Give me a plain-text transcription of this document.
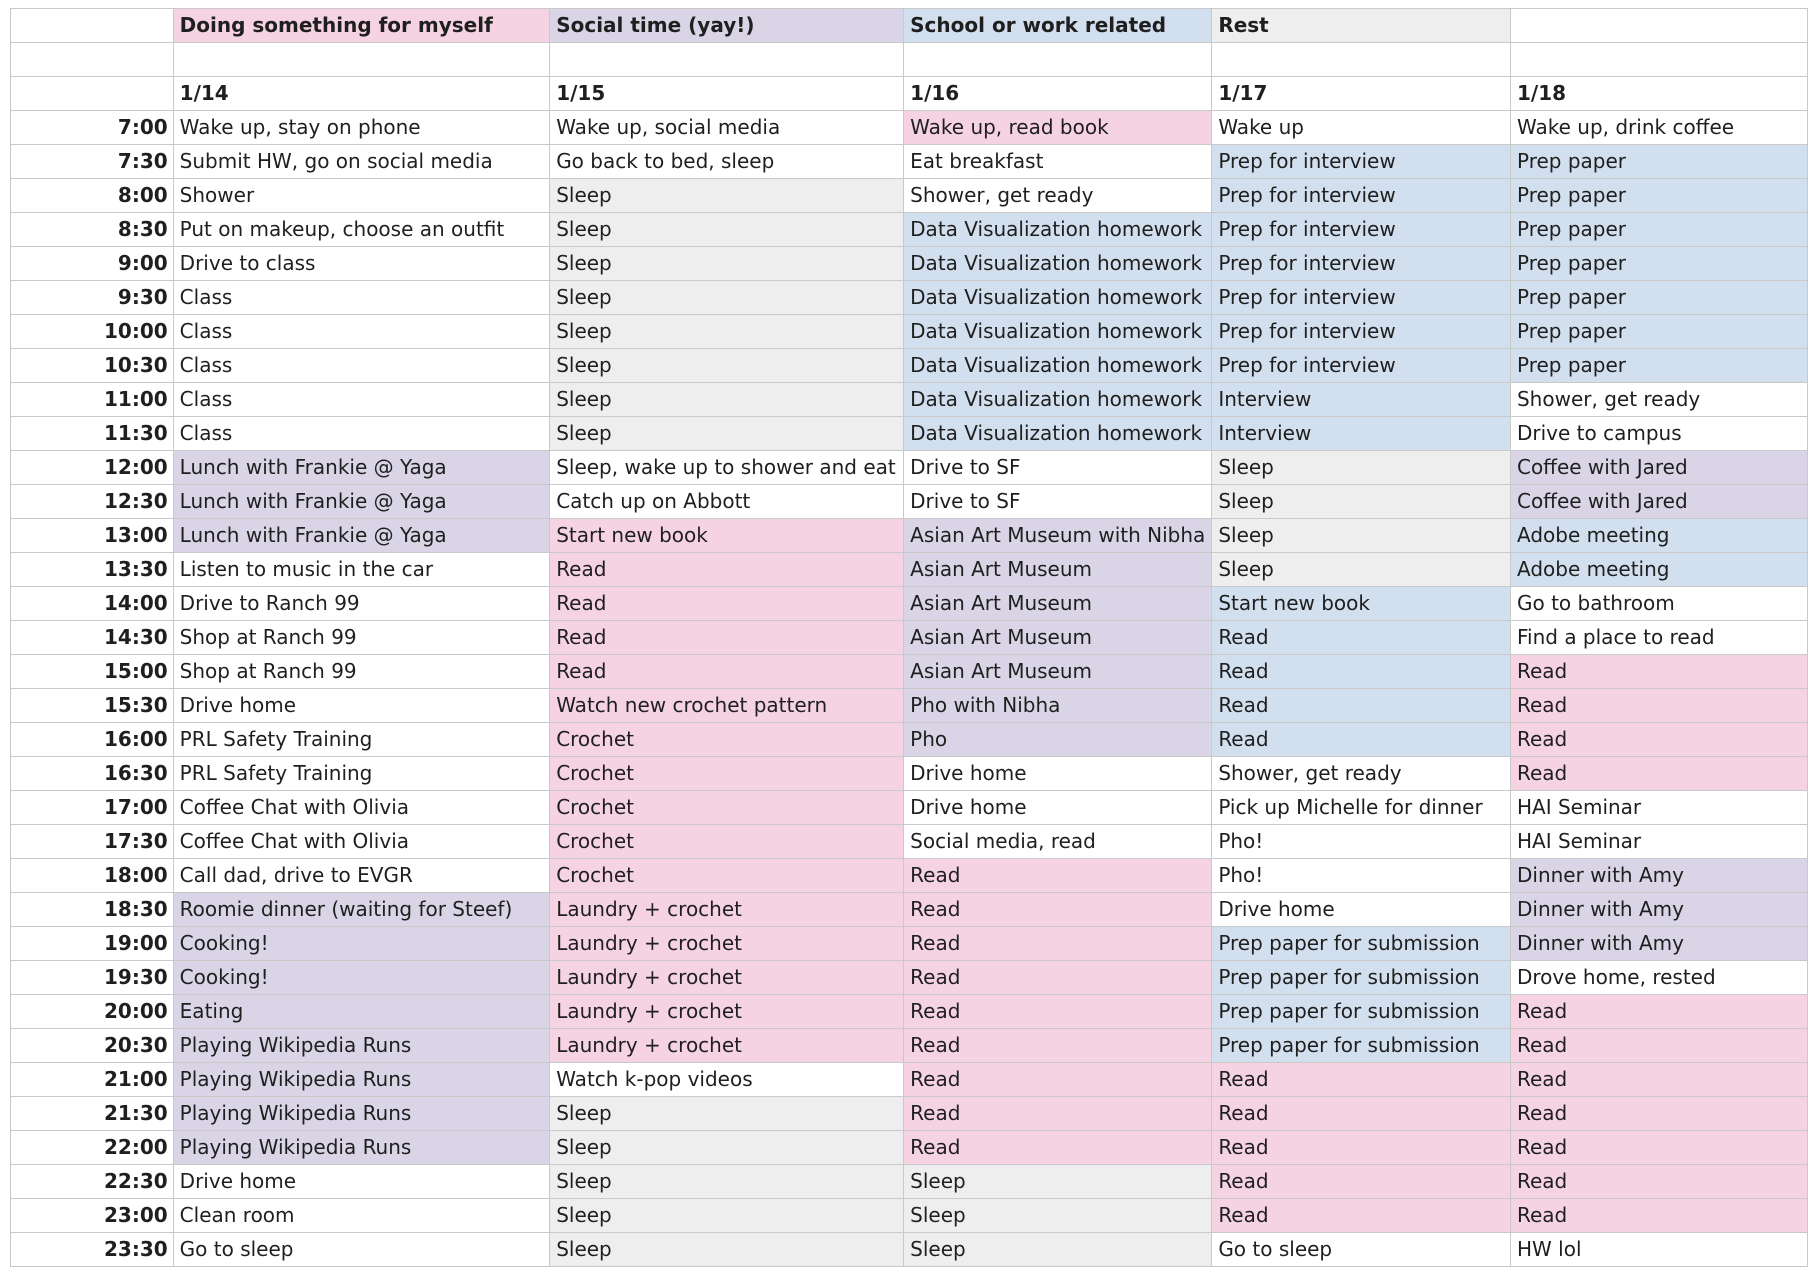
	Doing something for myself	Social time (yay!)	School or work related	Rest	

	1/14	1/15	1/16	1/17	1/18
7:00	Wake up, stay on phone	Wake up, social media	Wake up, read book	Wake up	Wake up, drink coffee
7:30	Submit HW, go on social media	Go back to bed, sleep	Eat breakfast	Prep for interview	Prep paper
8:00	Shower	Sleep	Shower, get ready	Prep for interview	Prep paper
8:30	Put on makeup, choose an outfit	Sleep	Data Visualization homework	Prep for interview	Prep paper
9:00	Drive to class	Sleep	Data Visualization homework	Prep for interview	Prep paper
9:30	Class	Sleep	Data Visualization homework	Prep for interview	Prep paper
10:00	Class	Sleep	Data Visualization homework	Prep for interview	Prep paper
10:30	Class	Sleep	Data Visualization homework	Prep for interview	Prep paper
11:00	Class	Sleep	Data Visualization homework	Interview	Shower, get ready
11:30	Class	Sleep	Data Visualization homework	Interview	Drive to campus
12:00	Lunch with Frankie @ Yaga	Sleep, wake up to shower and eat	Drive to SF	Sleep	Coffee with Jared
12:30	Lunch with Frankie @ Yaga	Catch up on Abbott	Drive to SF	Sleep	Coffee with Jared
13:00	Lunch with Frankie @ Yaga	Start new book	Asian Art Museum with Nibha	Sleep	Adobe meeting
13:30	Listen to music in the car	Read	Asian Art Museum	Sleep	Adobe meeting
14:00	Drive to Ranch 99	Read	Asian Art Museum	Start new book	Go to bathroom
14:30	Shop at Ranch 99	Read	Asian Art Museum	Read	Find a place to read
15:00	Shop at Ranch 99	Read	Asian Art Museum	Read	Read
15:30	Drive home	Watch new crochet pattern	Pho with Nibha	Read	Read
16:00	PRL Safety Training	Crochet	Pho	Read	Read
16:30	PRL Safety Training	Crochet	Drive home	Shower, get ready	Read
17:00	Coffee Chat with Olivia	Crochet	Drive home	Pick up Michelle for dinner	HAI Seminar
17:30	Coffee Chat with Olivia	Crochet	Social media, read	Pho!	HAI Seminar
18:00	Call dad, drive to EVGR	Crochet	Read	Pho!	Dinner with Amy
18:30	Roomie dinner (waiting for Steef)	Laundry + crochet	Read	Drive home	Dinner with Amy
19:00	Cooking!	Laundry + crochet	Read	Prep paper for submission	Dinner with Amy
19:30	Cooking!	Laundry + crochet	Read	Prep paper for submission	Drove home, rested
20:00	Eating	Laundry + crochet	Read	Prep paper for submission	Read
20:30	Playing Wikipedia Runs	Laundry + crochet	Read	Prep paper for submission	Read
21:00	Playing Wikipedia Runs	Watch k-pop videos	Read	Read	Read
21:30	Playing Wikipedia Runs	Sleep	Read	Read	Read
22:00	Playing Wikipedia Runs	Sleep	Read	Read	Read
22:30	Drive home	Sleep	Sleep	Read	Read
23:00	Clean room	Sleep	Sleep	Read	Read
23:30	Go to sleep	Sleep	Sleep	Go to sleep	HW lol
